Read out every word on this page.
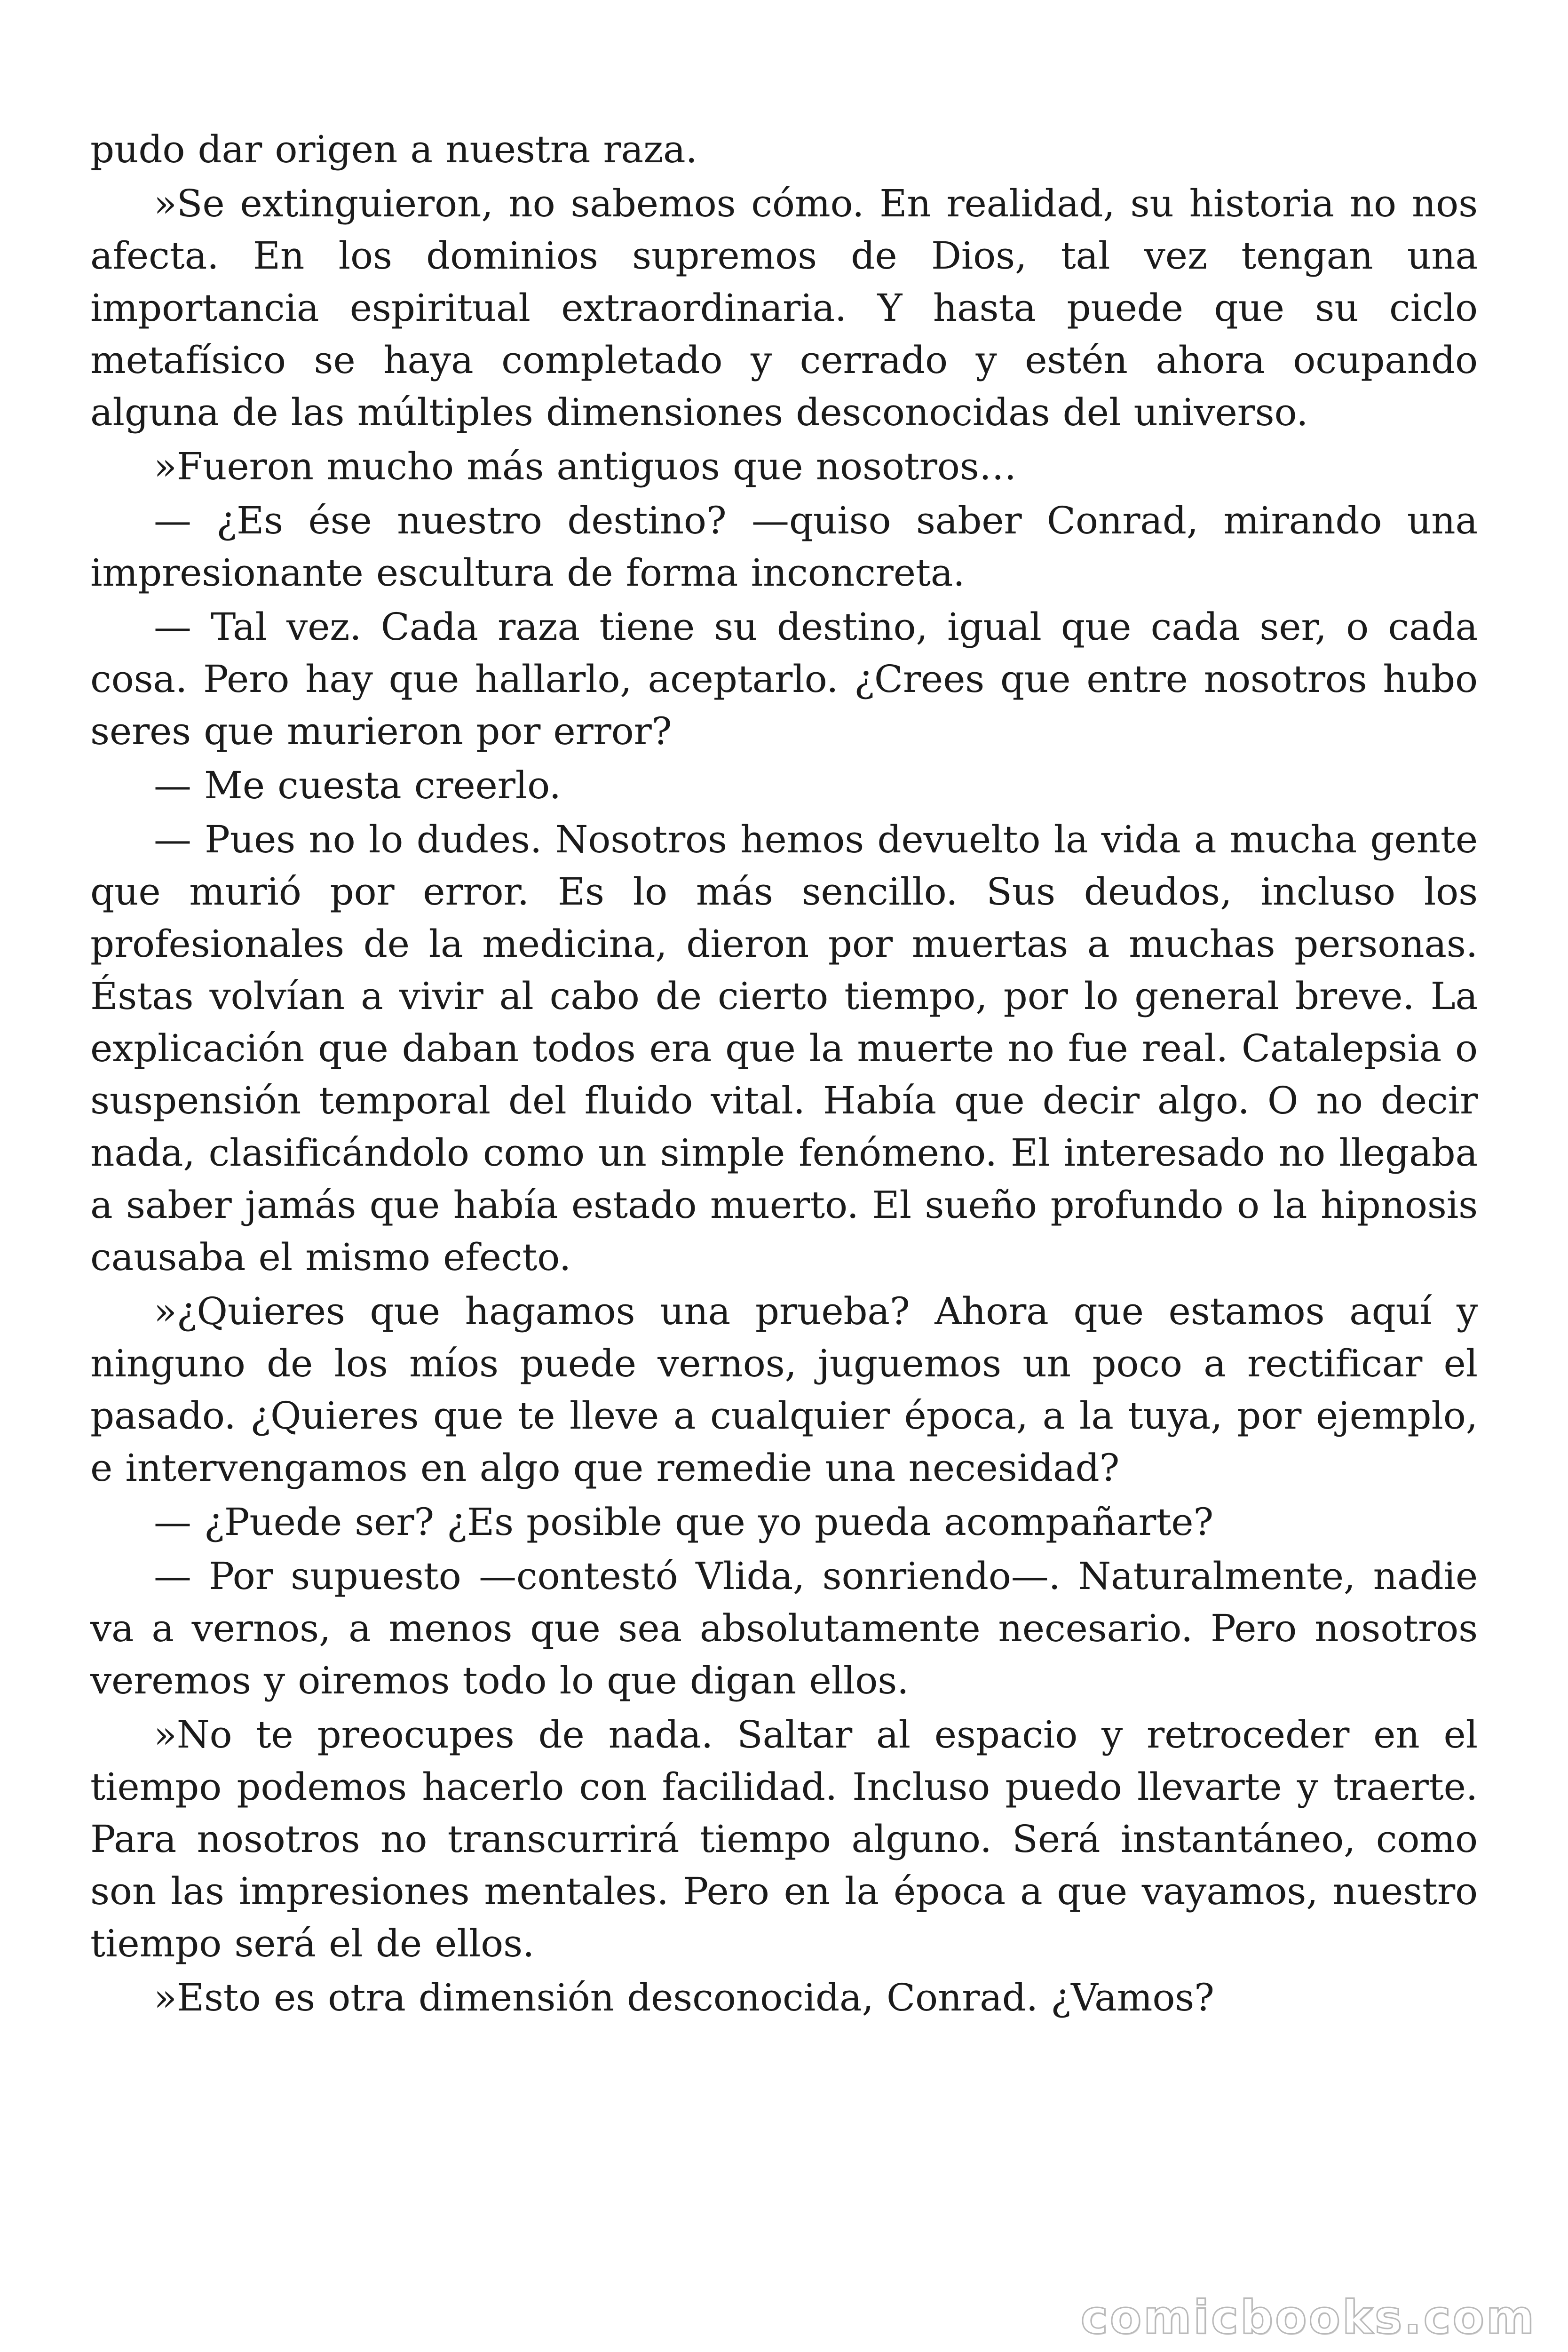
pudo dar origen a nuestra raza.

»Se extinguieron, no sabemos cómo. En realidad, su historia no nos afecta. En los dominios supremos de Dios, tal vez tengan una importancia espiritual extraordinaria. Y hasta puede que su ciclo metafísico se haya completado y cerrado y estén ahora ocupando alguna de las múltiples dimensiones desconocidas del universo.

»Fueron mucho más antiguos que nosotros…

— ¿Es ése nuestro destino? —quiso saber Conrad, mirando una impresionante escultura de forma inconcreta.

— Tal vez. Cada raza tiene su destino, igual que cada ser, o cada cosa. Pero hay que hallarlo, aceptarlo. ¿Crees que entre nosotros hubo seres que murieron por error?

— Me cuesta creerlo.

— Pues no lo dudes. Nosotros hemos devuelto la vida a mucha gente que murió por error. Es lo más sencillo. Sus deudos, incluso los profesionales de la medicina, dieron por muertas a muchas personas. Éstas volvían a vivir al cabo de cierto tiempo, por lo general breve. La explicación que daban todos era que la muerte no fue real. Catalepsia o suspensión temporal del fluido vital. Había que decir algo. O no decir nada, clasificándolo como un simple fenómeno. El interesado no llegaba a saber jamás que había estado muerto. El sueño profundo o la hipnosis causaba el mismo efecto.

»¿Quieres que hagamos una prueba? Ahora que estamos aquí y ninguno de los míos puede vernos, juguemos un poco a rectificar el pasado. ¿Quieres que te lleve a cualquier época, a la tuya, por ejemplo, e intervengamos en algo que remedie una necesidad?

— ¿Puede ser? ¿Es posible que yo pueda acompañarte?

— Por supuesto —contestó Vlida, sonriendo—. Naturalmente, nadie va a vernos, a menos que sea absolutamente necesario. Pero nosotros veremos y oiremos todo lo que digan ellos.

»No te preocupes de nada. Saltar al espacio y retroceder en el tiempo podemos hacerlo con facilidad. Incluso puedo llevarte y traerte. Para nosotros no transcurrirá tiempo alguno. Será instantáneo, como son las impresiones mentales. Pero en la época a que vayamos, nuestro tiempo será el de ellos.

»Esto es otra dimensión desconocida, Conrad. ¿Vamos?

comicbooks.com
